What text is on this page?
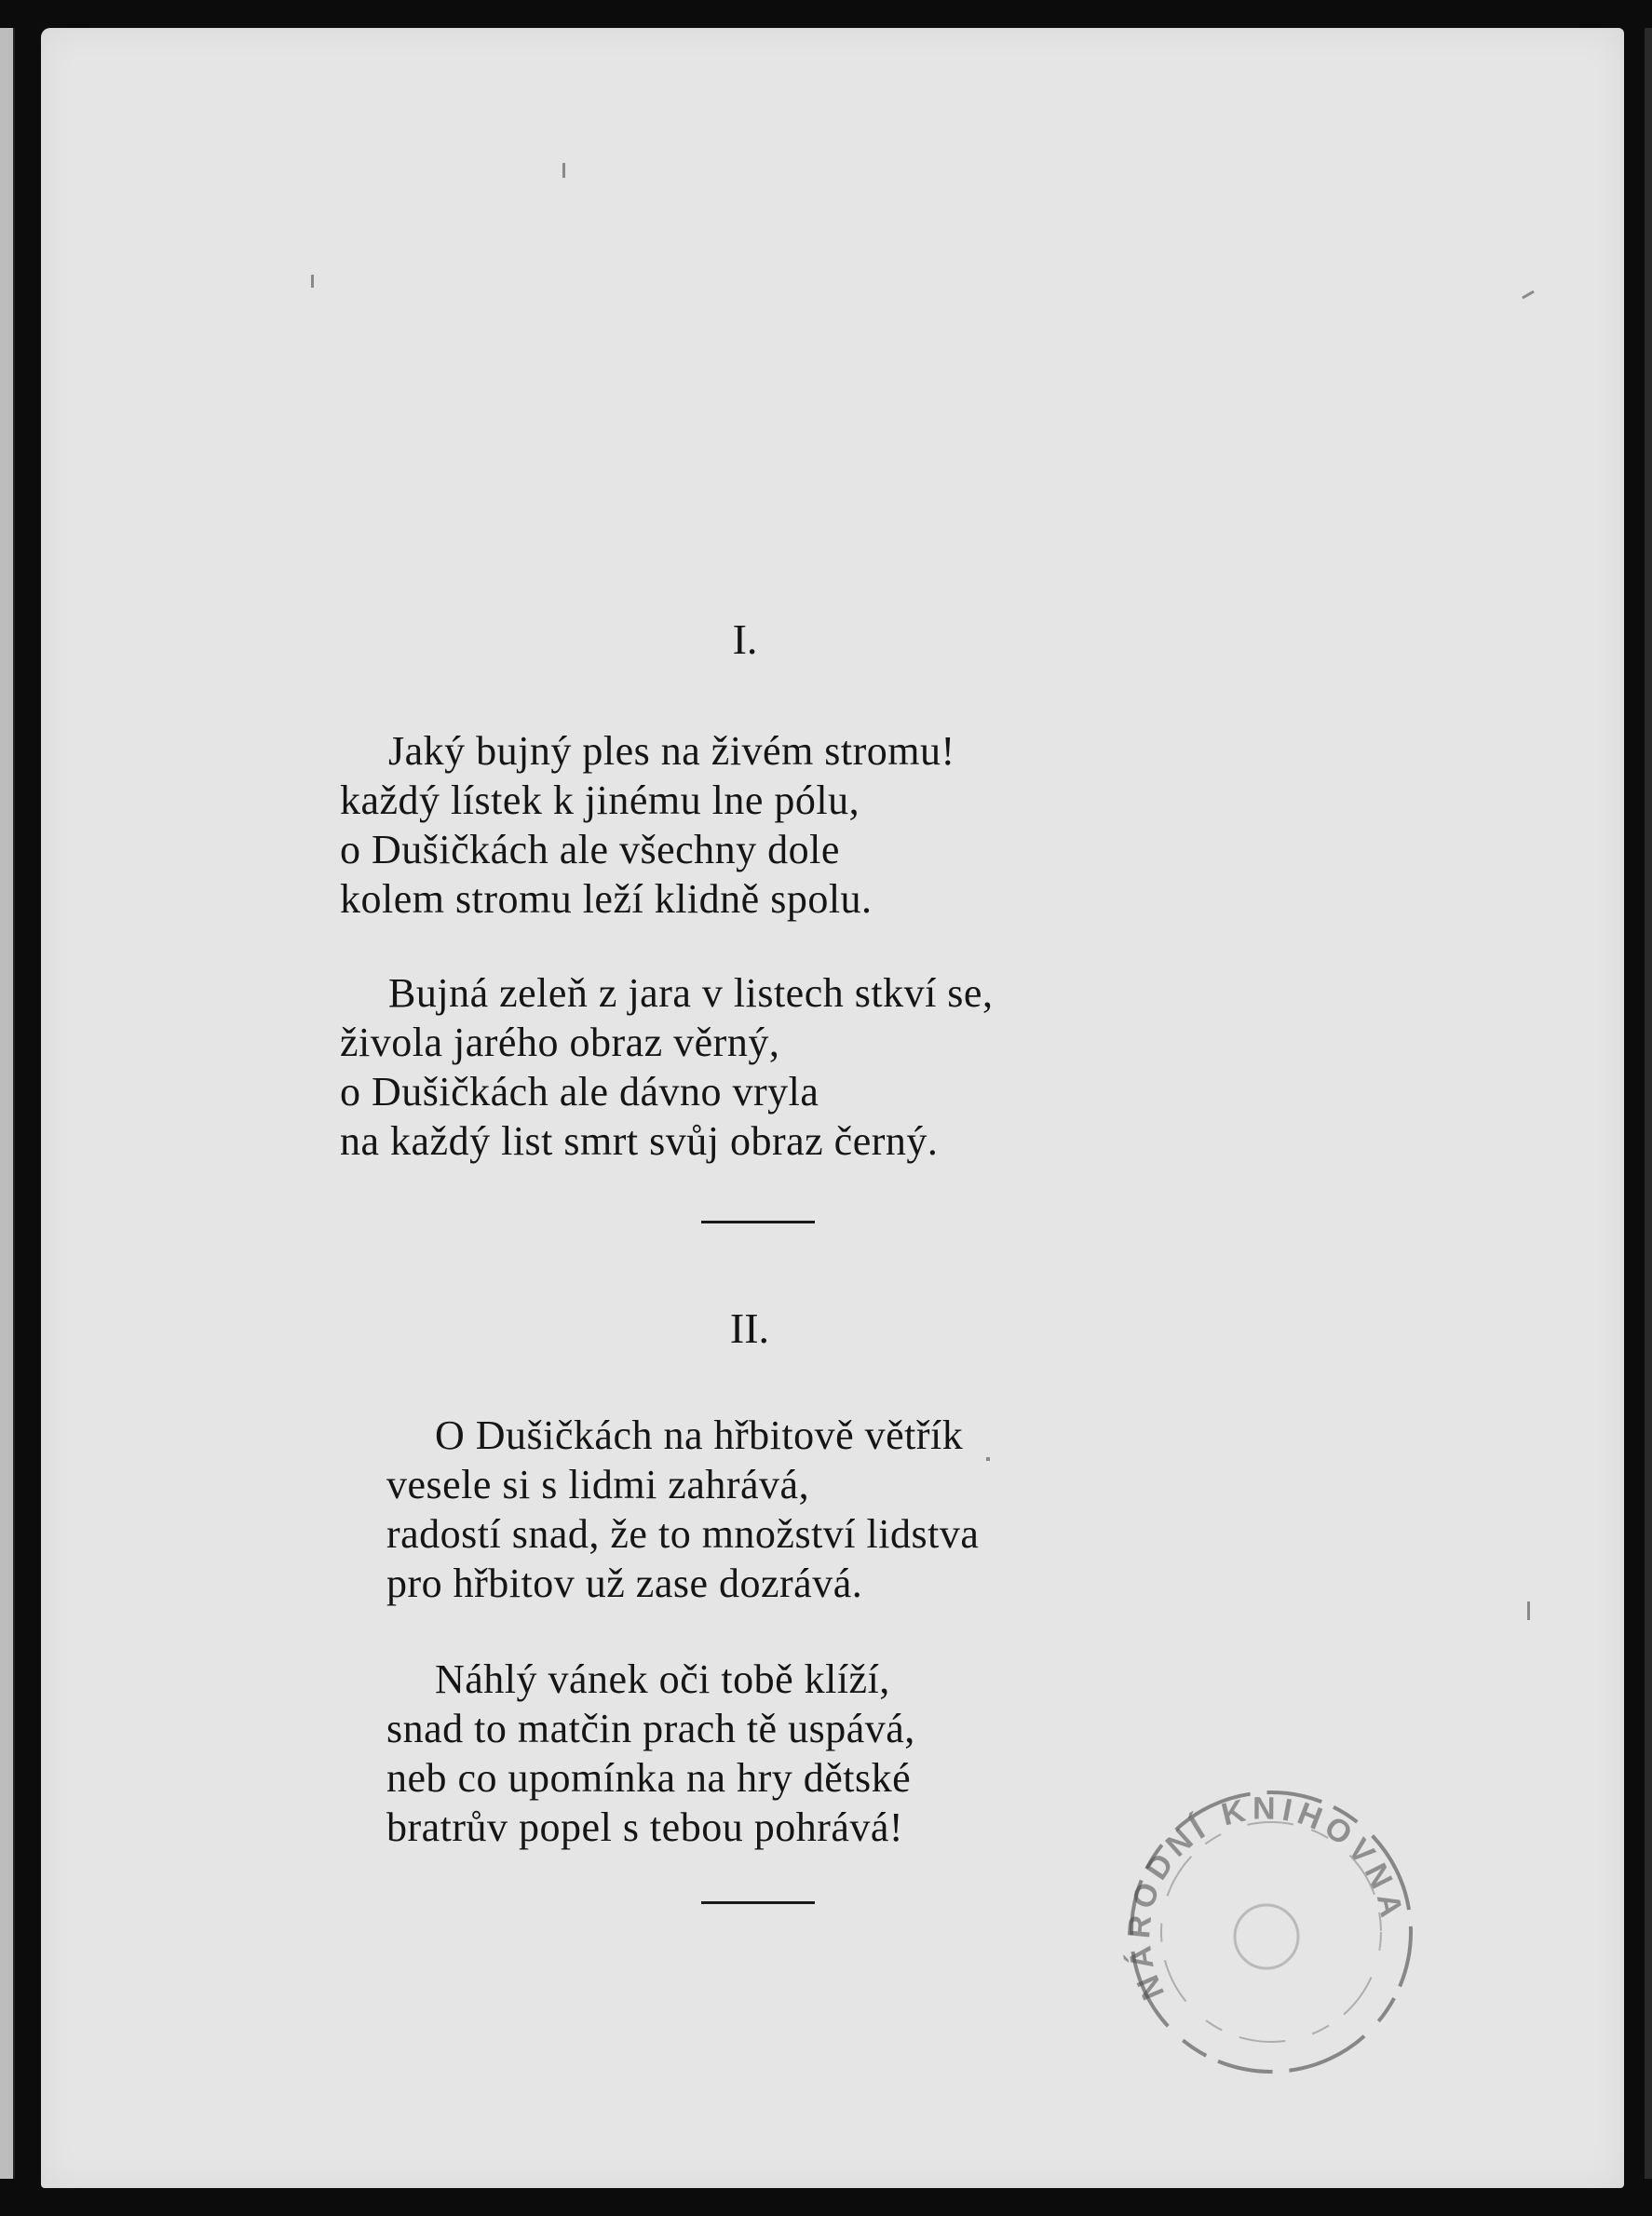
I.
Jaký bujný ples na živém stromu!
každý lístek k jinému lne pólu,
o Dušičkách ale všechny dole
kolem stromu leží klidně spolu.
Bujná zeleň z jara v listech stkví se,
živola jarého obraz věrný,
o Dušičkách ale dávno vryla
na každý list smrt svůj obraz černý.
II.
O Dušičkách na hřbitově větřík
vesele si s lidmi zahrává,
radostí snad, že to množství lidstva
pro hřbitov už zase dozrává.
Náhlý vánek oči tobě klíží,
snad to matčin prach tě uspává,
neb co upomínka na hry dětské
bratrův popel s tebou pohrává!
NÁRODNÍ KNIHOVNA
